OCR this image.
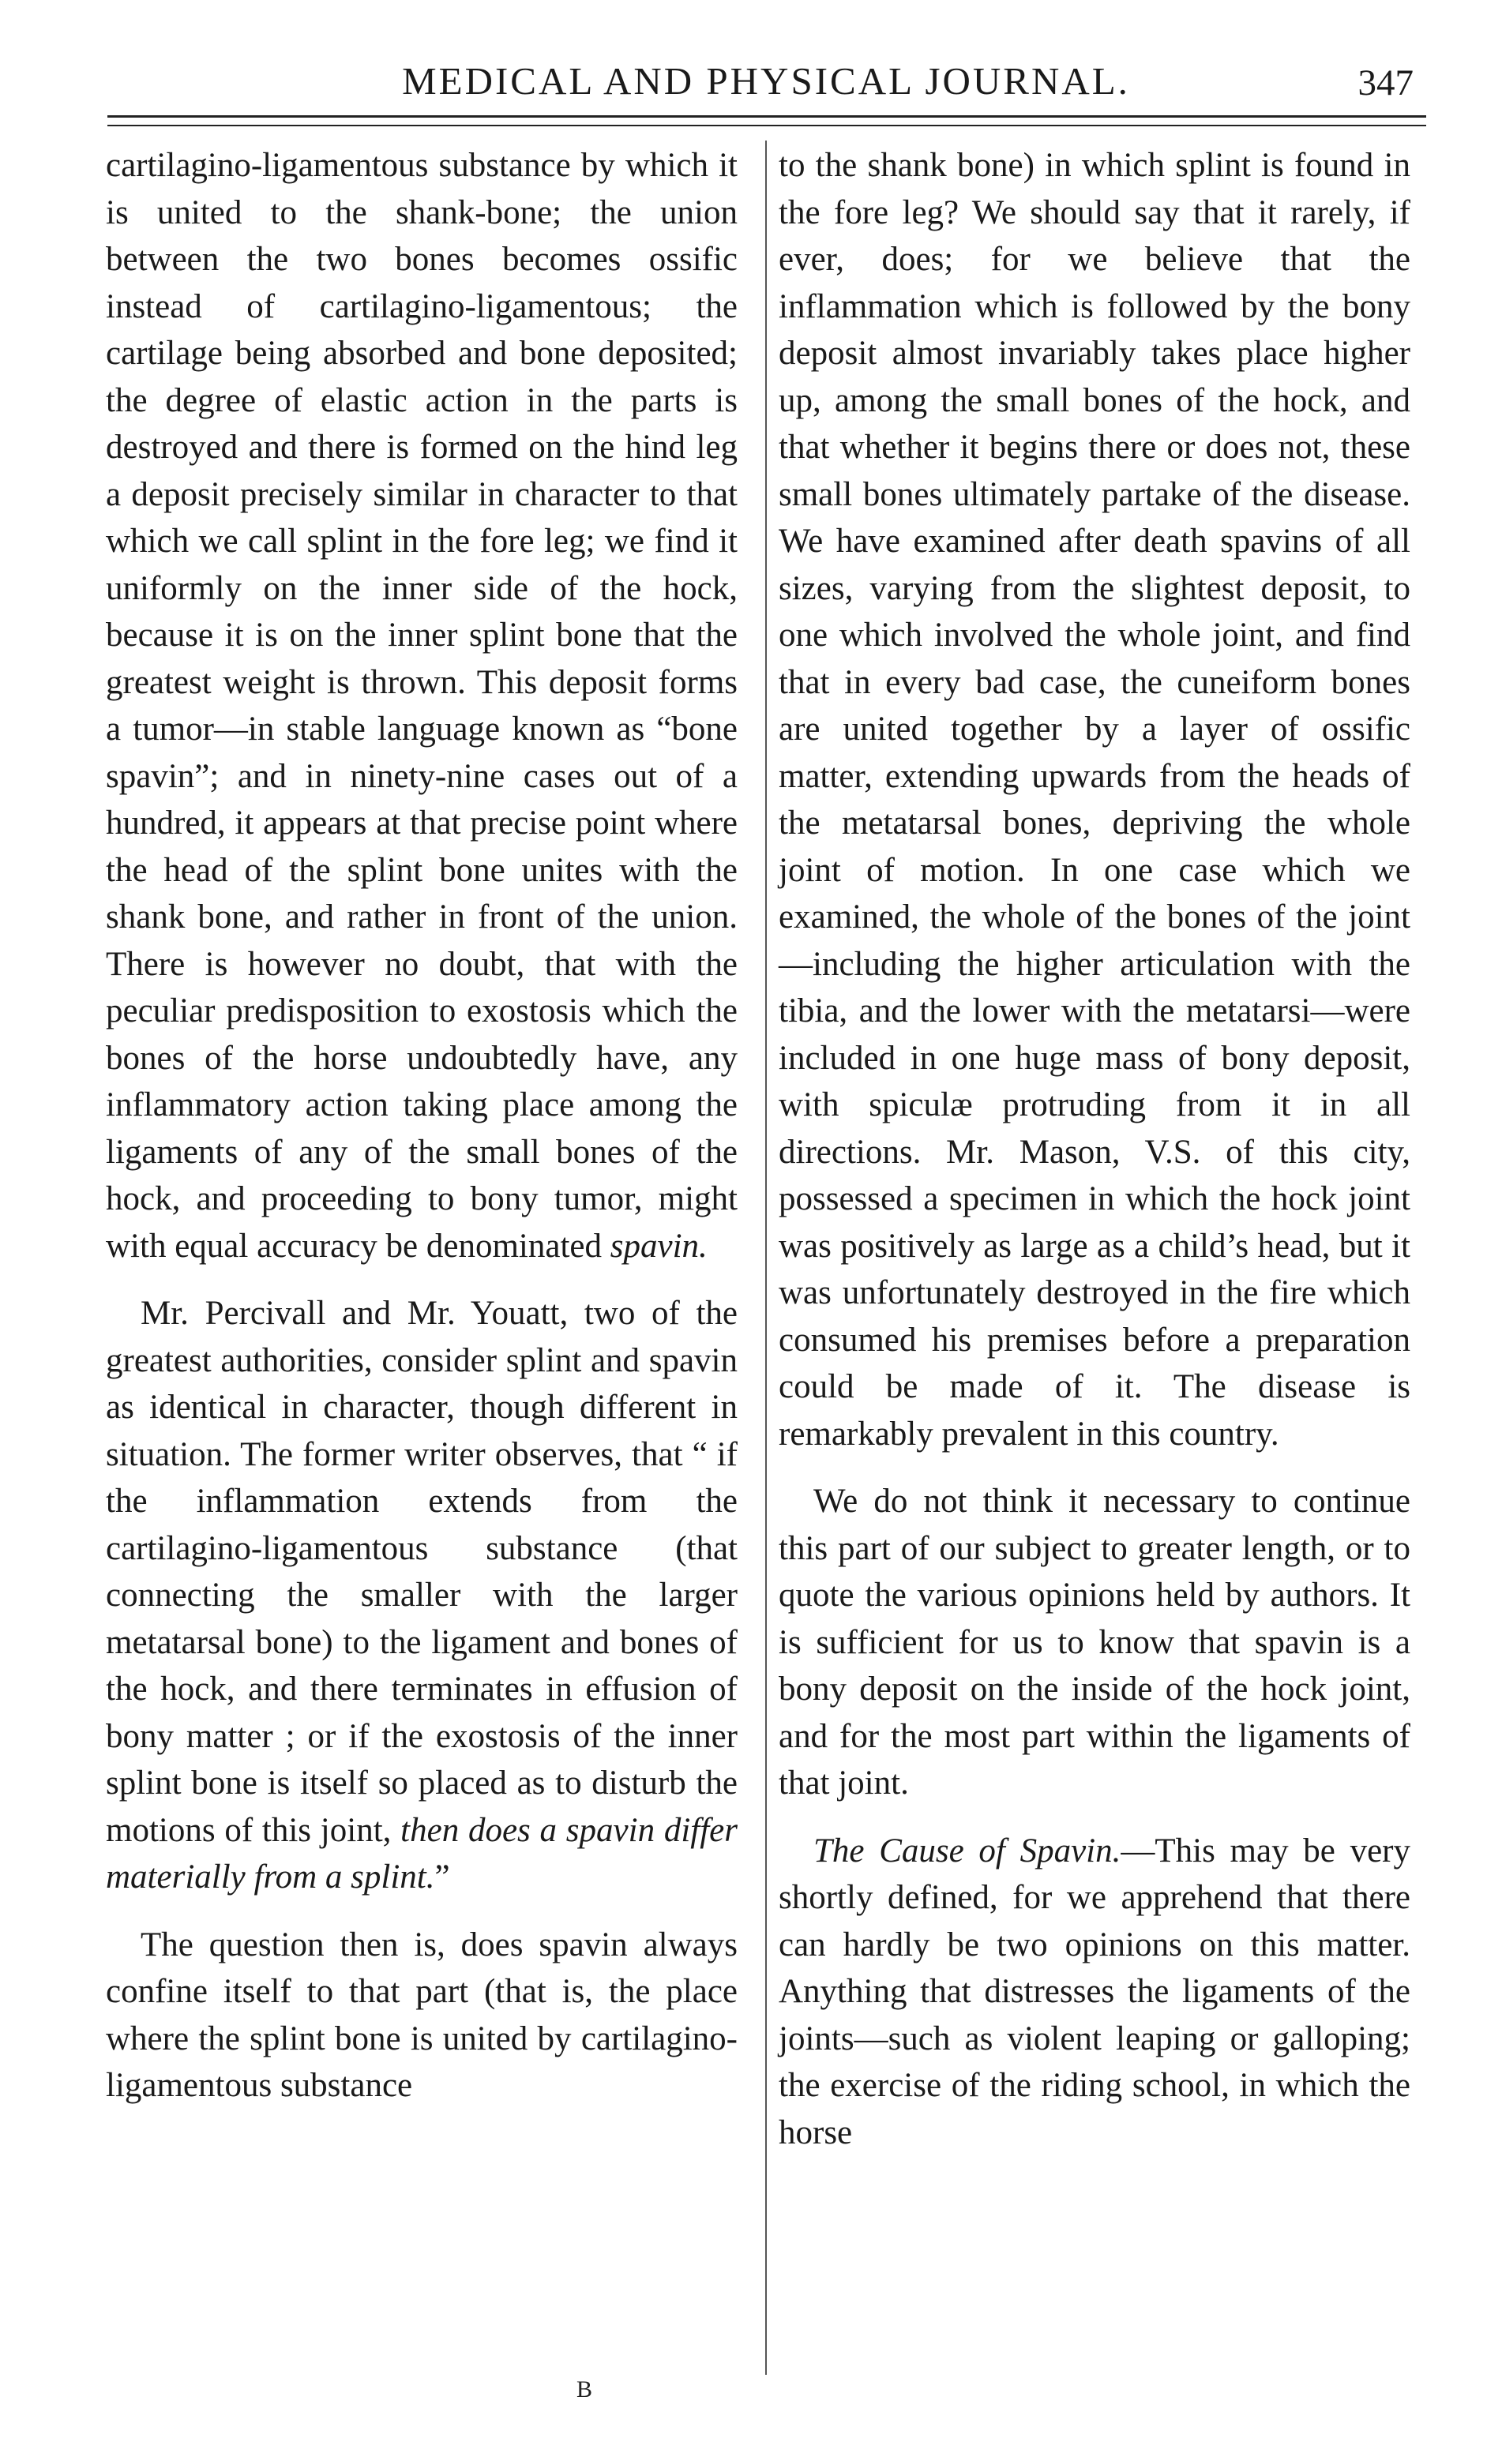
MEDICAL AND PHYSICAL JOURNAL.	347

cartilagino-ligamentous substance by which it is united to the shank-bone; the union between the two bones becomes ossific instead of cartilagino-ligamentous; the cartilage being absorbed and bone deposited; the degree of elastic action in the parts is destroyed and there is formed on the hind leg a deposit precisely similar in character to that which we call splint in the fore leg; we find it uniformly on the inner side of the hock, because it is on the inner splint bone that the greatest weight is thrown. This deposit forms a tumor—in stable language known as “bone spavin”; and in ninety-nine cases out of a hundred, it appears at that precise point where the head of the splint bone unites with the shank bone, and rather in front of the union. There is however no doubt, that with the peculiar predisposition to exostosis which the bones of the horse undoubtedly have, any inflammatory action taking place among the ligaments of any of the small bones of the hock, and proceeding to bony tumor, might with equal accuracy be denominated spavin.

Mr. Percivall and Mr. Youatt, two of the greatest authorities, consider splint and spavin as identical in character, though different in situation. The former writer observes, that “ if the inflammation extends from the cartilagino-ligamentous substance (that connecting the smaller with the larger metatarsal bone) to the ligament and bones of the hock, and there terminates in effusion of bony matter ; or if the exostosis of the inner splint bone is itself so placed as to disturb the motions of this joint, then does a spavin differ materially from a splint.”

The question then is, does spavin always confine itself to that part (that is, the place where the splint bone is united by cartilagino-ligamentous substance

to the shank bone) in which splint is found in the fore leg? We should say that it rarely, if ever, does; for we believe that the inflammation which is followed by the bony deposit almost invariably takes place higher up, among the small bones of the hock, and that whether it begins there or does not, these small bones ultimately partake of the disease. We have examined after death spavins of all sizes, varying from the slightest deposit, to one which involved the whole joint, and find that in every bad case, the cuneiform bones are united together by a layer of ossific matter, extending upwards from the heads of the metatarsal bones, depriving the whole joint of motion. In one case which we examined, the whole of the bones of the joint—including the higher articulation with the tibia, and the lower with the metatarsi—were included in one huge mass of bony deposit, with spiculæ protruding from it in all directions. Mr. Mason, V.S. of this city, possessed a specimen in which the hock joint was positively as large as a child’s head, but it was unfortunately destroyed in the fire which consumed his premises before a preparation could be made of it. The disease is remarkably prevalent in this country.

We do not think it necessary to continue this part of our subject to greater length, or to quote the various opinions held by authors. It is sufficient for us to know that spavin is a bony deposit on the inside of the hock joint, and for the most part within the ligaments of that joint.

The Cause of Spavin.—This may be very shortly defined, for we apprehend that there can hardly be two opinions on this matter. Anything that distresses the ligaments of the joints—such as violent leaping or galloping; the exercise of the riding school, in which the horse

B
